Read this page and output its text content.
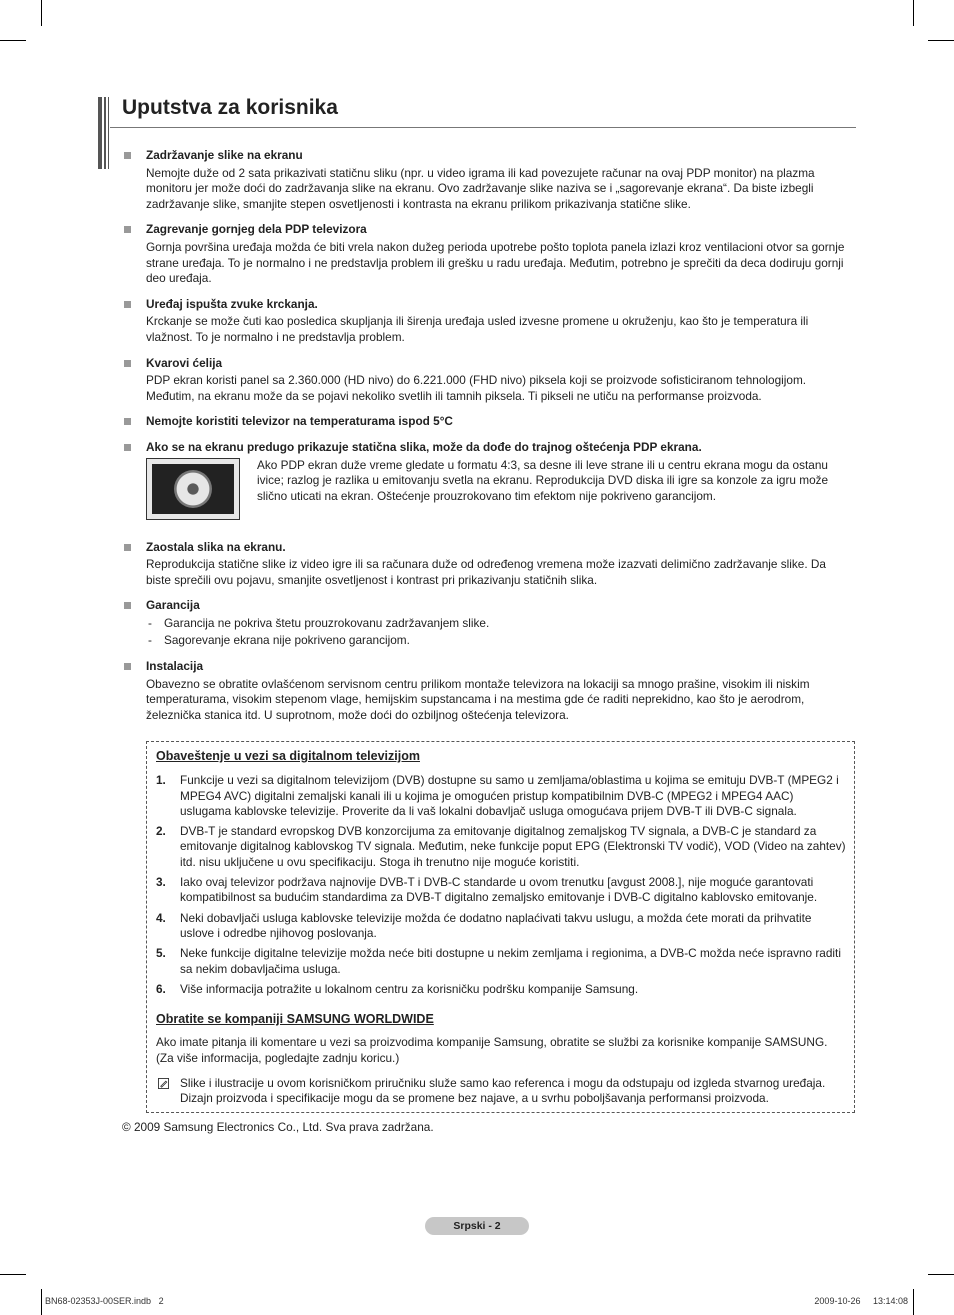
Uputstva za korisnika
Zadržavanje slike na ekranu

Nemojte duže od 2 sata prikazivati statičnu sliku (npr. u video igrama ili kad povezujete računar na ovaj PDP monitor) na plazma monitoru jer može doći do zadržavanja slike na ekranu. Ovo zadržavanje slike naziva se i „sagorevanje ekrana“. Da biste izbegli zadržavanje slike, smanjite stepen osvetljenosti i kontrasta na ekranu prilikom prikazivanja statične slike.

Zagrevanje gornjeg dela PDP televizora

Gornja površina uređaja možda će biti vrela nakon dužeg perioda upotrebe pošto toplota panela izlazi kroz ventilacioni otvor sa gornje strane uređaja. To je normalno i ne predstavlja problem ili grešku u radu uređaja. Međutim, potrebno je sprečiti da deca dodiruju gornji deo uređaja.

Uređaj ispušta zvuke krckanja.

Krckanje se može čuti kao posledica skupljanja ili širenja uređaja usled izvesne promene u okruženju, kao što je temperatura ili vlažnost. To je normalno i ne predstavlja problem.

Kvarovi ćelija

PDP ekran koristi panel sa 2.360.000 (HD nivo) do 6.221.000 (FHD nivo) piksela koji se proizvode sofisticiranom tehnologijom. Međutim, na ekranu može da se pojavi nekoliko svetlih ili tamnih piksela. Ti pikseli ne utiču na performanse proizvoda.

Nemojte koristiti televizor na temperaturama ispod 5°C
Ako se na ekranu predugo prikazuje statična slika, može da dođe do trajnog oštećenja PDP ekrana.

Ako PDP ekran duže vreme gledate u formatu 4:3, sa desne ili leve strane ili u centru ekrana mogu da ostanu ivice; razlog je razlika u emitovanju svetla na ekranu. Reprodukcija DVD diska ili igre sa konzole za igru može slično uticati na ekran. Oštećenje prouzrokovano tim efektom nije pokriveno garancijom.

Zaostala slika na ekranu.

Reprodukcija statične slike iz video igre ili sa računara duže od određenog vremena može izazvati delimično zadržavanje slike. Da biste sprečili ovu pojavu, smanjite osvetljenost i kontrast pri prikazivanju statičnih slika.

Garancija
- Garancija ne pokriva štetu prouzrokovanu zadržavanjem slike.
- Sagorevanje ekrana nije pokriveno garancijom.
Instalacija

Obavezno se obratite ovlašćenom servisnom centru prilikom montaže televizora na lokaciji sa mnogo prašine, visokim ili niskim temperaturama, visokim stepenom vlage, hemijskim supstancama i na mestima gde će raditi neprekidno, kao što je aerodrom, železnička stanica itd. U suprotnom, može doći do ozbiljnog oštećenja televizora.

Obaveštenje u vezi sa digitalnom televizijom
1. Funkcije u vezi sa digitalnom televizijom (DVB) dostupne su samo u zemljama/oblastima u kojima se emituju DVB-T (MPEG2 i MPEG4 AVC) digitalni zemaljski kanali ili u kojima je omogućen pristup kompatibilnim DVB-C (MPEG2 i MPEG4 AAC) uslugama kablovske televizije. Proverite da li vaš lokalni dobavljač usluga omogućava prijem DVB-T ili DVB-C signala.
2. DVB-T je standard evropskog DVB konzorcijuma za emitovanje digitalnog zemaljskog TV signala, a DVB-C je standard za emitovanje digitalnog kablovskog TV signala. Međutim, neke funkcije poput EPG (Elektronski TV vodič), VOD (Video na zahtev) itd. nisu uključene u ovu specifikaciju. Stoga ih trenutno nije moguće koristiti.
3. Iako ovaj televizor podržava najnovije DVB-T i DVB-C standarde u ovom trenutku [avgust 2008.], nije moguće garantovati kompatibilnost sa budućim standardima za DVB-T digitalno zemaljsko emitovanje i DVB-C digitalno kablovsko emitovanje.
4. Neki dobavljači usluga kablovske televizije možda će dodatno naplaćivati takvu uslugu, a možda ćete morati da prihvatite uslove i odredbe njihovog poslovanja.
5. Neke funkcije digitalne televizije možda neće biti dostupne u nekim zemljama i regionima, a DVB-C možda neće ispravno raditi sa nekim dobavljačima usluga.
6. Više informacija potražite u lokalnom centru za korisničku podršku kompanije Samsung.
Obratite se kompaniji SAMSUNG WORLDWIDE
Ako imate pitanja ili komentare u vezi sa proizvodima kompanije Samsung, obratite se službi za korisnike kompanije SAMSUNG. (Za više informacija, pogledajte zadnju koricu.)
Slike i ilustracije u ovom korisničkom priručniku služe samo kao referenca i mogu da odstupaju od izgleda stvarnog uređaja. Dizajn proizvoda i specifikacije mogu da se promene bez najave, a u svrhu poboljšavanja performansi proizvoda.
© 2009 Samsung Electronics Co., Ltd. Sva prava zadržana.
Srpski - 2
BN68-02353J-00SER.indb   2	2009-10-26     13:14:08
